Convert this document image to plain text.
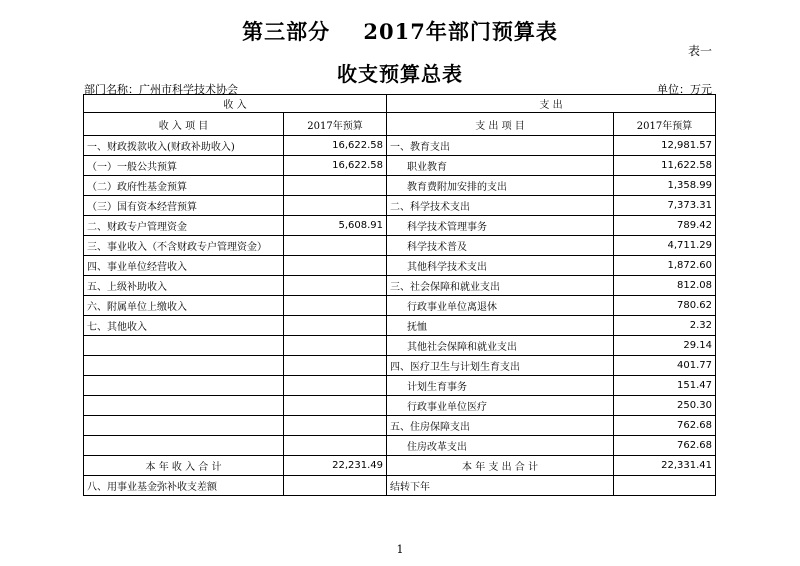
第三部分    2017年部门预算表
表一
收支预算总表
部门名称：广州市科学技术协会	单位：万元
收 入		支 出	
收 入 项 目	2017年预算	支 出 项 目	2017年预算
一、财政拨款收入(财政补助收入)	16,622.58	一、教育支出	12,981.57
（一）一般公共预算	16,622.58	职业教育	11,622.58
（二）政府性基金预算		教育费附加安排的支出	1,358.99
（三）国有资本经营预算		二、科学技术支出	7,373.31
二、财政专户管理资金	5,608.91	科学技术管理事务	789.42
三、事业收入（不含财政专户管理资金）		科学技术普及	4,711.29
四、事业单位经营收入		其他科学技术支出	1,872.60
五、上级补助收入		三、社会保障和就业支出	812.08
六、附属单位上缴收入		行政事业单位离退休	780.62
七、其他收入		抚恤	2.32
		其他社会保障和就业支出	29.14
		四、医疗卫生与计划生育支出	401.77
		计划生育事务	151.47
		行政事业单位医疗	250.30
		五、住房保障支出	762.68
		住房改革支出	762.68
本 年 收 入 合 计	22,231.49	本 年 支 出 合 计	22,331.41
八、用事业基金弥补收支差额		结转下年	
1
